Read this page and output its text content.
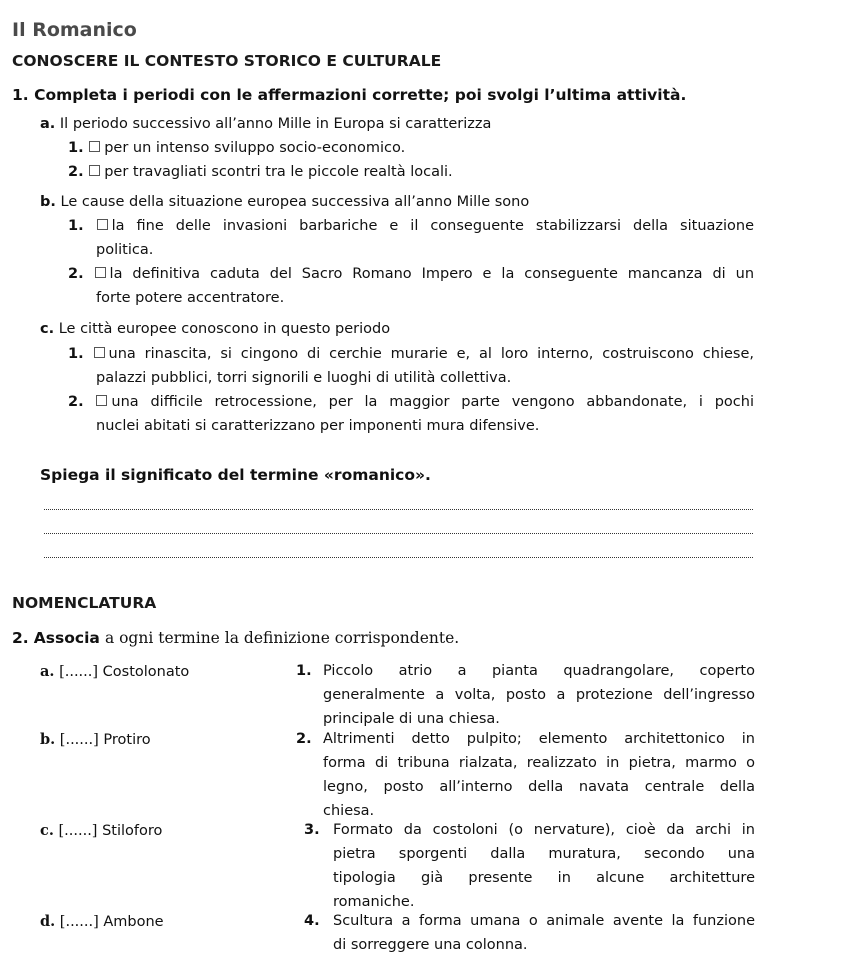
Il Romanico
CONOSCERE IL CONTESTO STORICO E CULTURALE
1. Completa i periodi con le affermazioni corrette; poi svolgi l’ultima attività.
a. Il periodo successivo all’anno Mille in Europa si caratterizza
1. per un intenso sviluppo socio-economico.
2. per travagliati scontri tra le piccole realtà locali.
b. Le cause della situazione europea successiva all’anno Mille sono
1. la fine delle invasioni barbariche e il conseguente stabilizzarsi della situazione
politica.
2. la definitiva caduta del Sacro Romano Impero e la conseguente mancanza di un
forte potere accentratore.
c. Le città europee conoscono in questo periodo
1. una rinascita, si cingono di cerchie murarie e, al loro interno, costruiscono chiese,
palazzi pubblici, torri signorili e luoghi di utilità collettiva.
2. una difficile retrocessione, per la maggior parte vengono abbandonate, i pochi
nuclei abitati si caratterizzano per imponenti mura difensive.
Spiega il significato del termine «romanico».
NOMENCLATURA
2. Associa a ogni termine la definizione corrispondente.
a. [......] Costolonato
b. [......] Protiro
c. [......] Stiloforo
d. [......] Ambone
1. Piccolo atrio a pianta quadrangolare, coperto
generalmente a volta, posto a protezione dell’ingresso
principale di una chiesa.
2. Altrimenti detto pulpito; elemento architettonico in
forma di tribuna rialzata, realizzato in pietra, marmo o
legno, posto all’interno della navata centrale della
chiesa.
3. Formato da costoloni (o nervature), cioè da archi in
pietra sporgenti dalla muratura, secondo una
tipologia già presente in alcune architetture
romaniche.
4. Scultura a forma umana o animale avente la funzione
di sorreggere una colonna.
